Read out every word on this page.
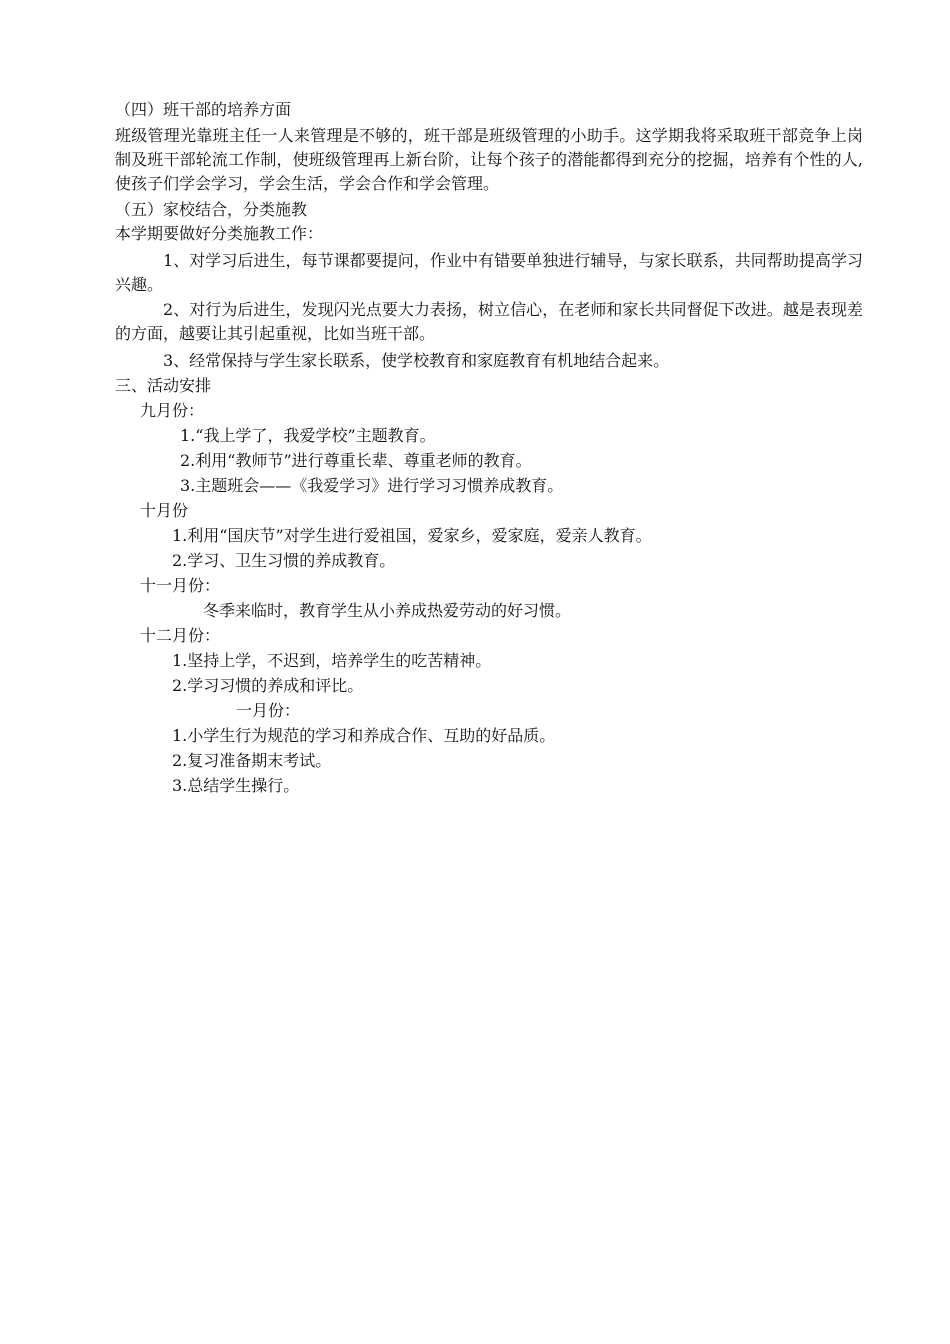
（四）班干部的培养方面
班级管理光靠班主任一人来管理是不够的，班干部是班级管理的小助手。这学期我将采取班干部竞争上岗制及班干部轮流工作制，使班级管理再上新台阶，让每个孩子的潜能都得到充分的挖掘，培养有个性的人,使孩子们学会学习，学会生活，学会合作和学会管理。
（五）家校结合，分类施教
本学期要做好分类施教工作：
1、对学习后进生，每节课都要提问，作业中有错要单独进行辅导，与家长联系，共同帮助提高学习兴趣。
2、对行为后进生，发现闪光点要大力表扬，树立信心，在老师和家长共同督促下改进。越是表现差的方面，越要让其引起重视，比如当班干部。
3、经常保持与学生家长联系，使学校教育和家庭教育有机地结合起来。
三、活动安排
九月份：
1.“我上学了，我爱学校”主题教育。
2.利用“教师节”进行尊重长辈、尊重老师的教育。
3.主题班会——《我爱学习》进行学习习惯养成教育。
十月份
1.利用“国庆节”对学生进行爱祖国，爱家乡，爱家庭，爱亲人教育。
2.学习、卫生习惯的养成教育。
十一月份：
冬季来临时，教育学生从小养成热爱劳动的好习惯。
十二月份：
1.坚持上学，不迟到，培养学生的吃苦精神。
2.学习习惯的养成和评比。
一月份：
1.小学生行为规范的学习和养成合作、互助的好品质。
2.复习准备期末考试。
3.总结学生操行。
